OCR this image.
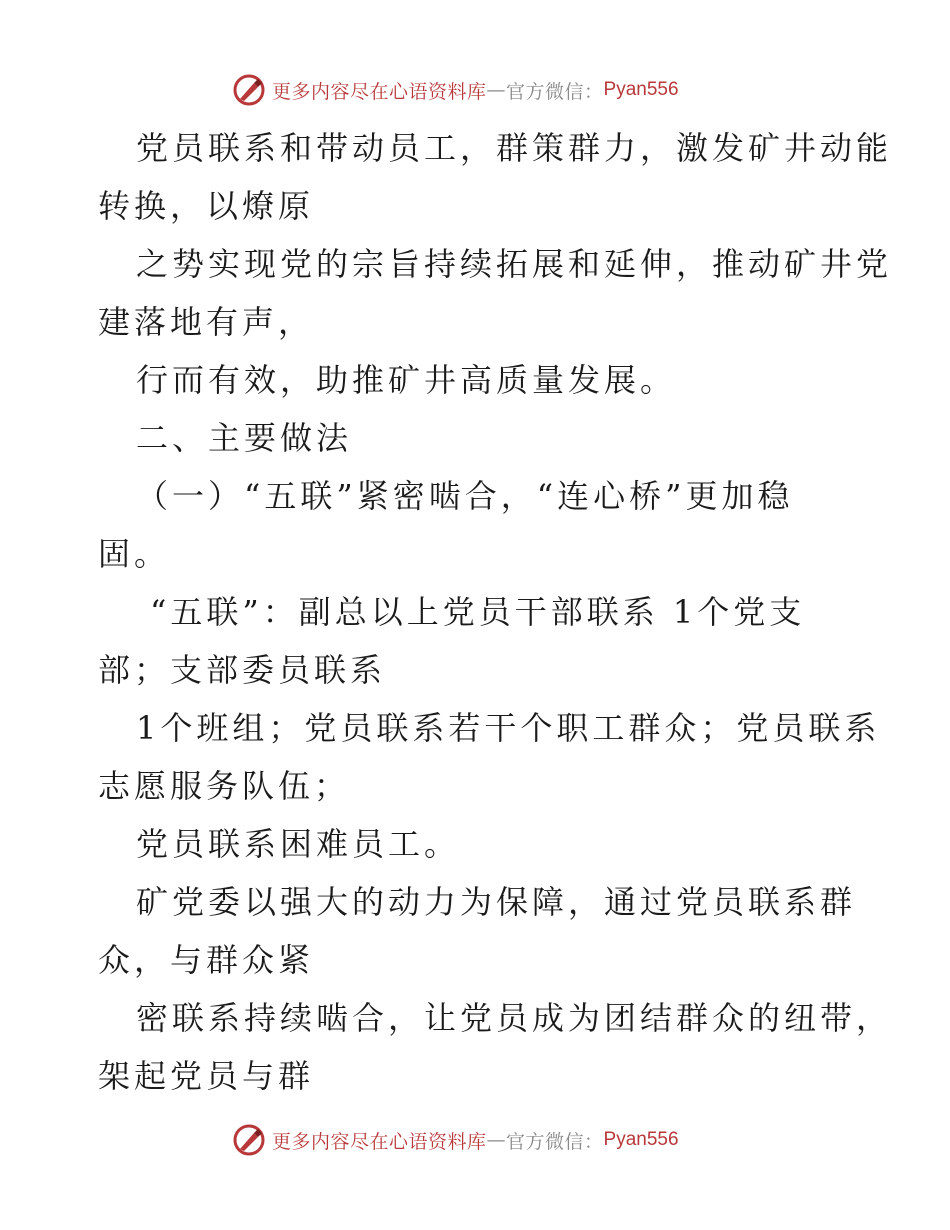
更多内容尽在心语资料库 — 官方微信： Pyan556
党员联系和带动员工，群策群力，激发矿井动能
转换，以燎原
之势实现党的宗旨持续拓展和延伸，推动矿井党
建落地有声，
行而有效，助推矿井高质量发展。
二、主要做法
（一）“五联”紧密啮合，“连心桥”更加稳
固。
“五联”：副总以上党员干部联系 1个党支
部；支部委员联系
1个班组；党员联系若干个职工群众；党员联系
志愿服务队伍；
党员联系困难员工。
矿党委以强大的动力为保障，通过党员联系群
众，与群众紧
密联系持续啮合，让党员成为团结群众的纽带，
架起党员与群
更多内容尽在心语资料库 — 官方微信： Pyan556
